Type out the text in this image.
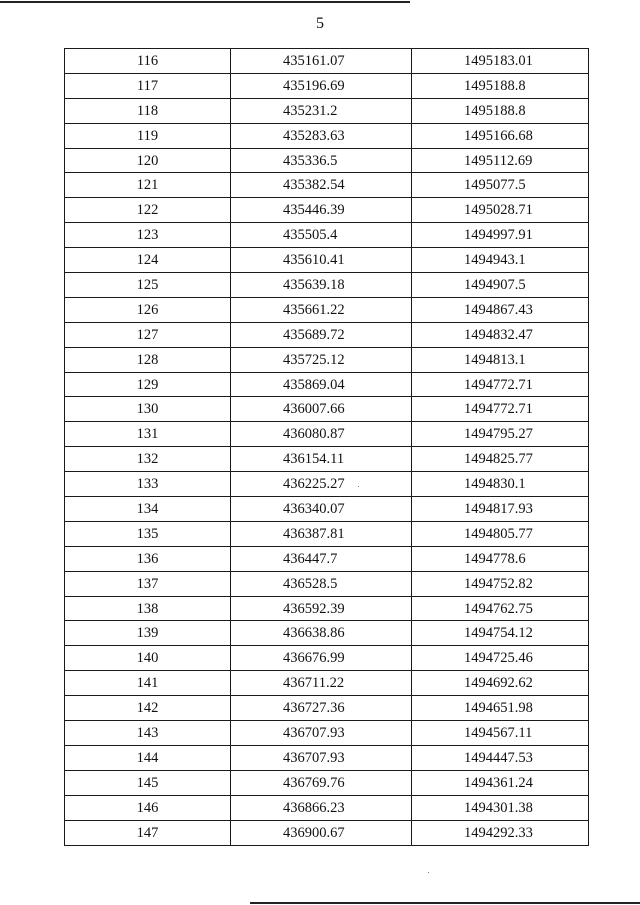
5
116	435161.07	1495183.01
117	435196.69	1495188.8
118	435231.2	1495188.8
119	435283.63	1495166.68
120	435336.5	1495112.69
121	435382.54	1495077.5
122	435446.39	1495028.71
123	435505.4	1494997.91
124	435610.41	1494943.1
125	435639.18	1494907.5
126	435661.22	1494867.43
127	435689.72	1494832.47
128	435725.12	1494813.1
129	435869.04	1494772.71
130	436007.66	1494772.71
131	436080.87	1494795.27
132	436154.11	1494825.77
133	436225.27	1494830.1
134	436340.07	1494817.93
135	436387.81	1494805.77
136	436447.7	1494778.6
137	436528.5	1494752.82
138	436592.39	1494762.75
139	436638.86	1494754.12
140	436676.99	1494725.46
141	436711.22	1494692.62
142	436727.36	1494651.98
143	436707.93	1494567.11
144	436707.93	1494447.53
145	436769.76	1494361.24
146	436866.23	1494301.38
147	436900.67	1494292.33
